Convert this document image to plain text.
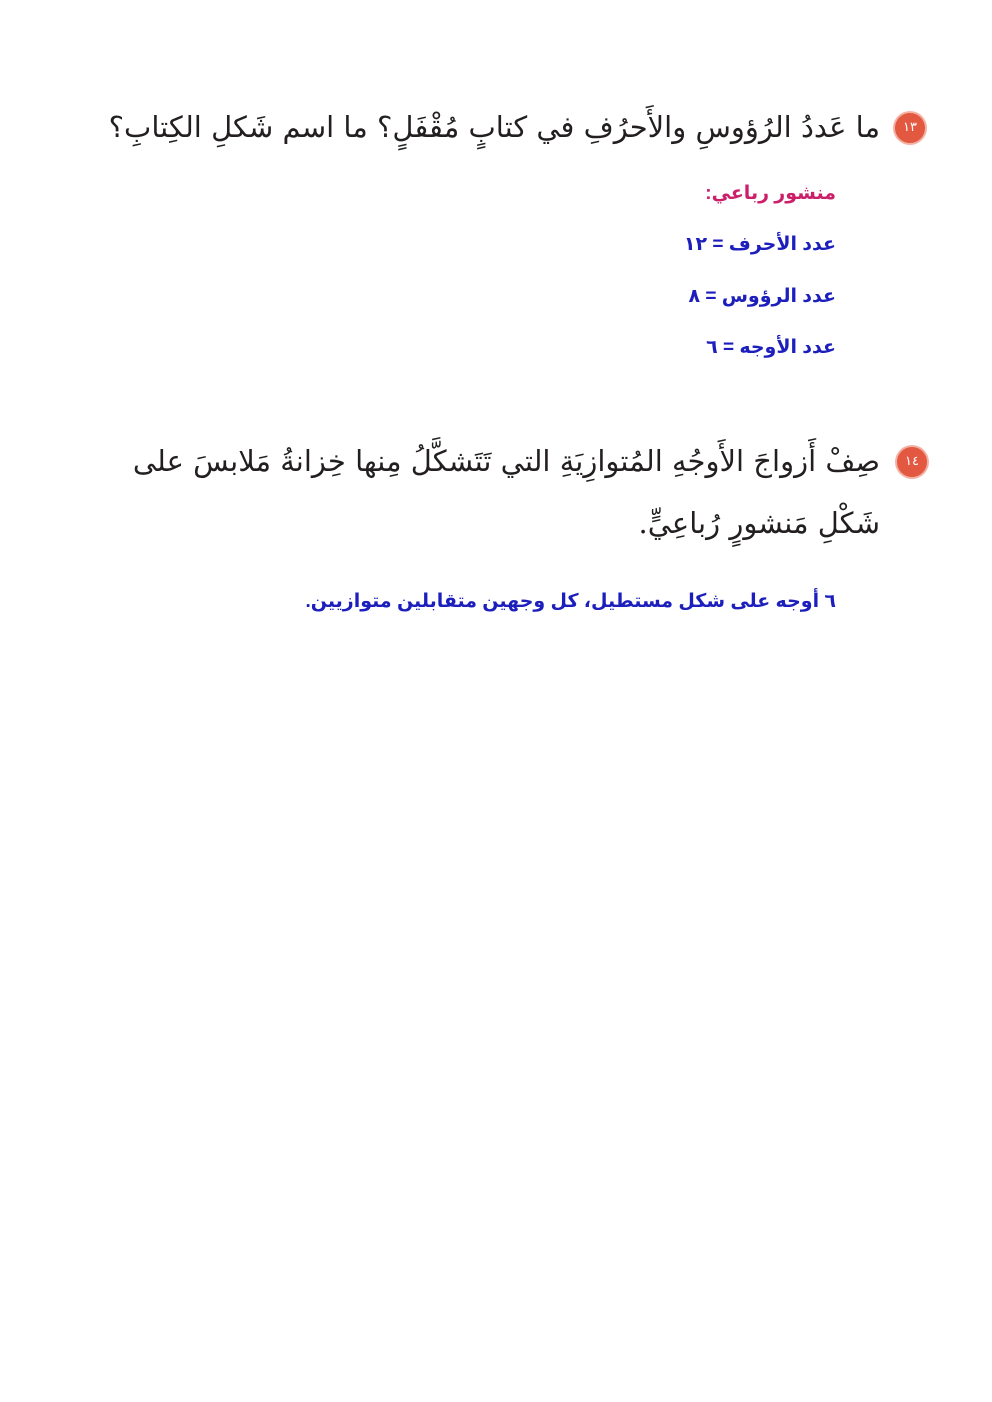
١٣
ما عَددُ الرُؤوسِ والأَحرُفِ في كتابٍ مُقْفَلٍ؟ ما اسم شَكلِ الكِتابِ؟
منشور رباعي:
عدد الأحرف = ١٢
عدد الرؤوس = ٨
عدد الأوجه = ٦
١٤
صِفْ أَزواجَ الأَوجُهِ المُتوازِيَةِ التي تَتَشكَّلُ مِنها خِزانةُ مَلابسَ على شَكْلِ مَنشورٍ رُباعِيٍّ.
٦ أوجه على شكل مستطيل، كل وجهين متقابلين متوازيين.
